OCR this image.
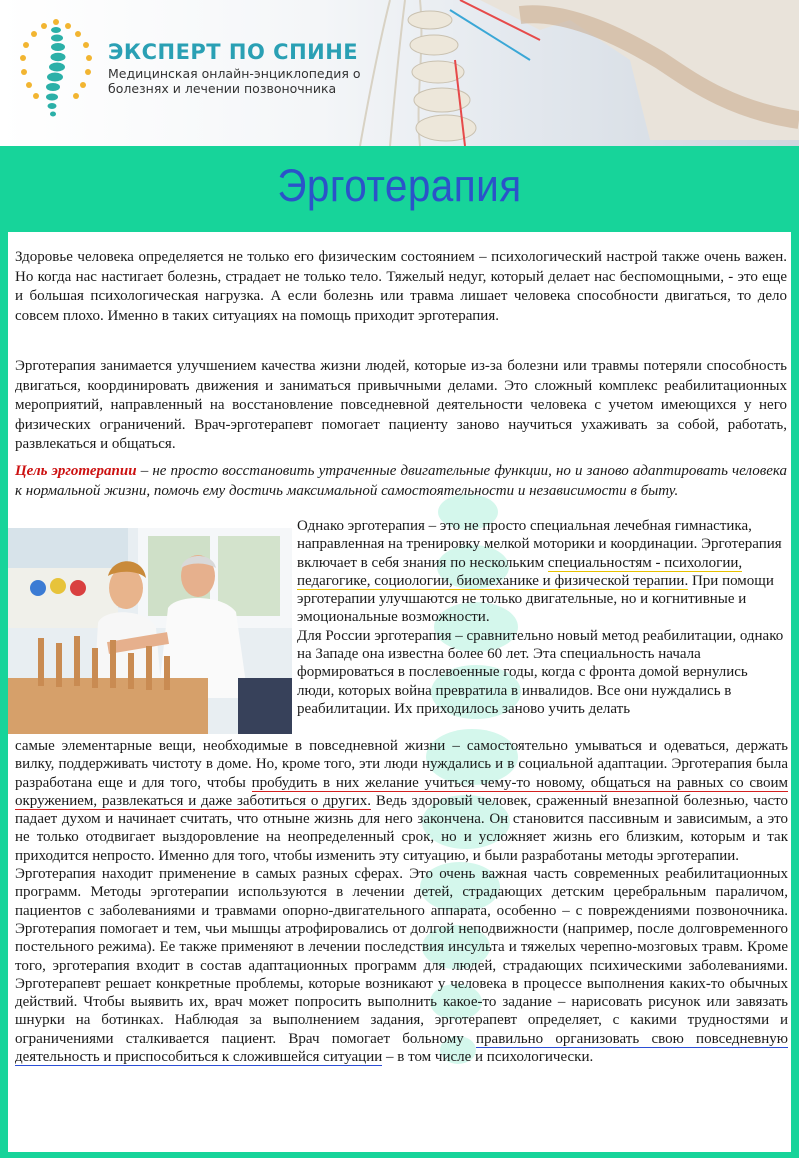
ЭКСПЕРТ ПО СПИНЕ
Медицинская онлайн-энциклопедия о болезнях и лечении позвоночника
Эрготерапия

Здоровье человека определяется не только его физическим состоянием – психологический настрой также очень важен. Но когда нас настигает болезнь, страдает не только тело. Тяжелый недуг, который делает нас беспомощными, - это еще и большая психологическая нагрузка. А если болезнь или травма лишает человека способности двигаться, то дело совсем плохо. Именно в таких ситуациях на помощь приходит эрготерапия.

Эрготерапия занимается улучшением качества жизни людей, которые из-за болезни или травмы потеряли способность двигаться, координировать движения и заниматься привычными делами. Это сложный комплекс реабилитационных мероприятий, направленный на восстановление повседневной деятельности человека с учетом имеющихся у него физических ограничений. Врач-эрготерапевт помогает пациенту заново научиться ухаживать за собой, работать, развлекаться и общаться.

Цель эрготерапии – не просто восстановить утраченные двигательные функции, но и заново адаптировать человека к нормальной жизни, помочь ему достичь максимальной самостоятельности и независимости в быту.

Однако эрготерапия – это не просто специальная лечебная гимнастика, направленная на тренировку мелкой моторики и координации. Эрготерапия включает в себя знания по нескольким специальностям - психологии, педагогике, социологии, биомеханике и физической терапии. При помощи эрготерапии улучшаются не только двигательные, но и когнитивные и эмоциональные возможности.
Для России эрготерапия – сравнительно новый метод реабилитации, однако на Западе она известна более 60 лет. Эта специальность начала формироваться в послевоенные годы, когда с фронта домой вернулись люди, которых война превратила в инвалидов. Все они нуждались в реабилитации. Их приходилось заново учить делать

самые элементарные вещи, необходимые в повседневной жизни – самостоятельно умываться и одеваться, держать вилку, поддерживать чистоту в доме. Но, кроме того, эти люди нуждались и в социальной адаптации. Эрготерапия была разработана еще и для того, чтобы пробудить в них желание учиться чему-то новому, общаться на равных со своим окружением, развлекаться и даже заботиться о других. Ведь здоровый человек, сраженный внезапной болезнью, часто падает духом и начинает считать, что отныне жизнь для него закончена. Он становится пассивным и зависимым, а это не только отодвигает выздоровление на неопределенный срок, но и усложняет жизнь его близким, которым и так приходится непросто. Именно для того, чтобы изменить эту ситуацию, и были разработаны методы эрготерапии.
Эрготерапия находит применение в самых разных сферах. Это очень важная часть современных реабилитационных программ. Методы эрготерапии используются в лечении детей, страдающих детским церебральным параличом, пациентов с заболеваниями и травмами опорно-двигательного аппарата, особенно – с повреждениями позвоночника. Эрготерапия помогает и тем, чьи мышцы атрофировались от долгой неподвижности (например, после долговременного постельного режима). Ее также применяют в лечении последствия инсульта и тяжелых черепно-мозговых травм. Кроме того, эрготерапия входит в состав адаптационных программ для людей, страдающих психическими заболеваниями. Эрготерапевт решает конкретные проблемы, которые возникают у человека в процессе выполнения каких-то обычных действий. Чтобы выявить их, врач может попросить выполнить какое-то задание – нарисовать рисунок или завязать шнурки на ботинках. Наблюдая за выполнением задания, эрготерапевт определяет, с какими трудностями и ограничениями сталкивается пациент. Врач помогает больному правильно организовать свою повседневную деятельность и приспособиться к сложившейся ситуации – в том числе и психологически.
